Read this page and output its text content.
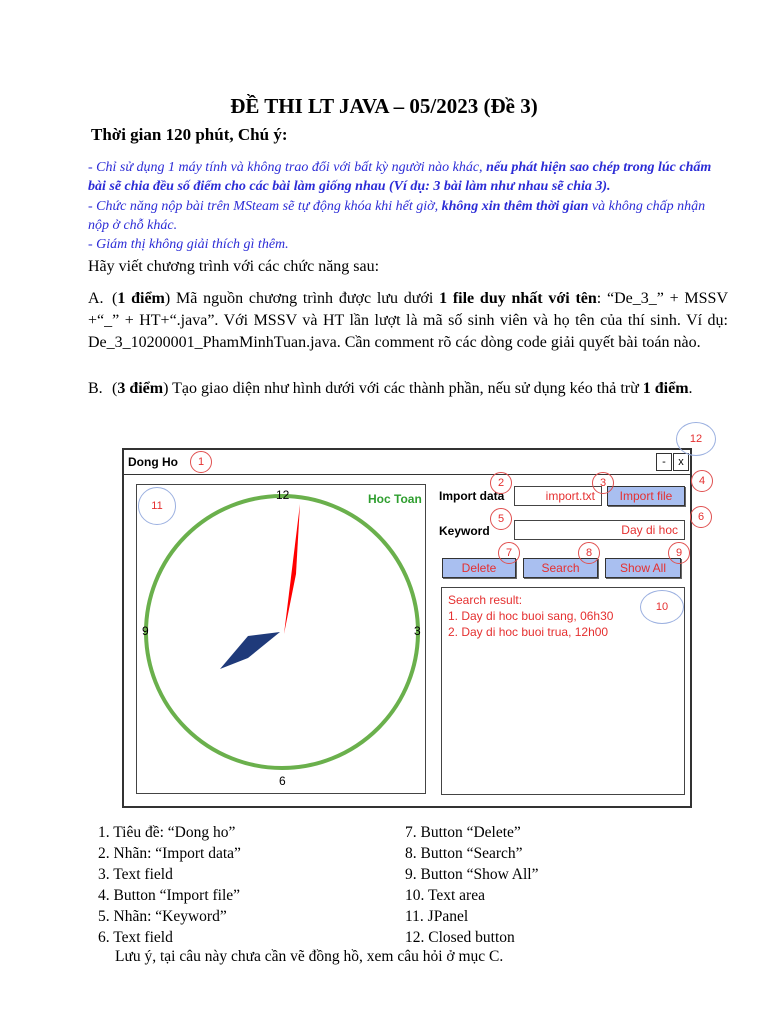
ĐỀ THI LT JAVA – 05/2023 (Đề 3)
Thời gian 120 phút, Chú ý:
- Chỉ sử dụng 1 máy tính và không trao đổi với bất kỳ người nào khác, nếu phát hiện sao chép trong lúc chấm bài sẽ chia đều số điểm cho các bài làm giống nhau (Ví dụ: 3 bài làm như nhau sẽ chia 3).
- Chức năng nộp bài trên MSteam sẽ tự động khóa khi hết giờ, không xin thêm thời gian và không chấp nhận nộp ở chỗ khác.
- Giám thị không giải thích gì thêm.
Hãy viết chương trình với các chức năng sau:
A. (1 điểm) Mã nguồn chương trình được lưu dưới 1 file duy nhất với tên: “De_3_” + MSSV +“_” + HT+“.java”. Với MSSV và HT lần lượt là mã số sinh viên và họ tên của thí sinh. Ví dụ: De_3_10200001_PhamMinhTuan.java. Cần comment rõ các dòng code giải quyết bài toán nào.
B. (3 điểm) Tạo giao diện như hình dưới với các thành phần, nếu sử dụng kéo thả trừ 1 điểm.
Dong Ho	-	x
12
3
6
9
Hoc Toan Import data	import.txt	Import file
Keyword	Day di hoc
Delete	Search	Show All
Search result:
1. Day di hoc buoi sang, 06h30
2. Day di hoc buoi trua, 12h00
1
2	3	4
5	6
7	8	9
10
11
12
1. Tiêu đề: “Dong ho”
2. Nhãn: “Import data”
3. Text field
4. Button “Import file”
5. Nhãn: “Keyword”
6. Text field
7. Button “Delete”
8. Button “Search”
9. Button “Show All”
10. Text area
11. JPanel
12. Closed button
Lưu ý, tại câu này chưa cần vẽ đồng hồ, xem câu hỏi ở mục C.
